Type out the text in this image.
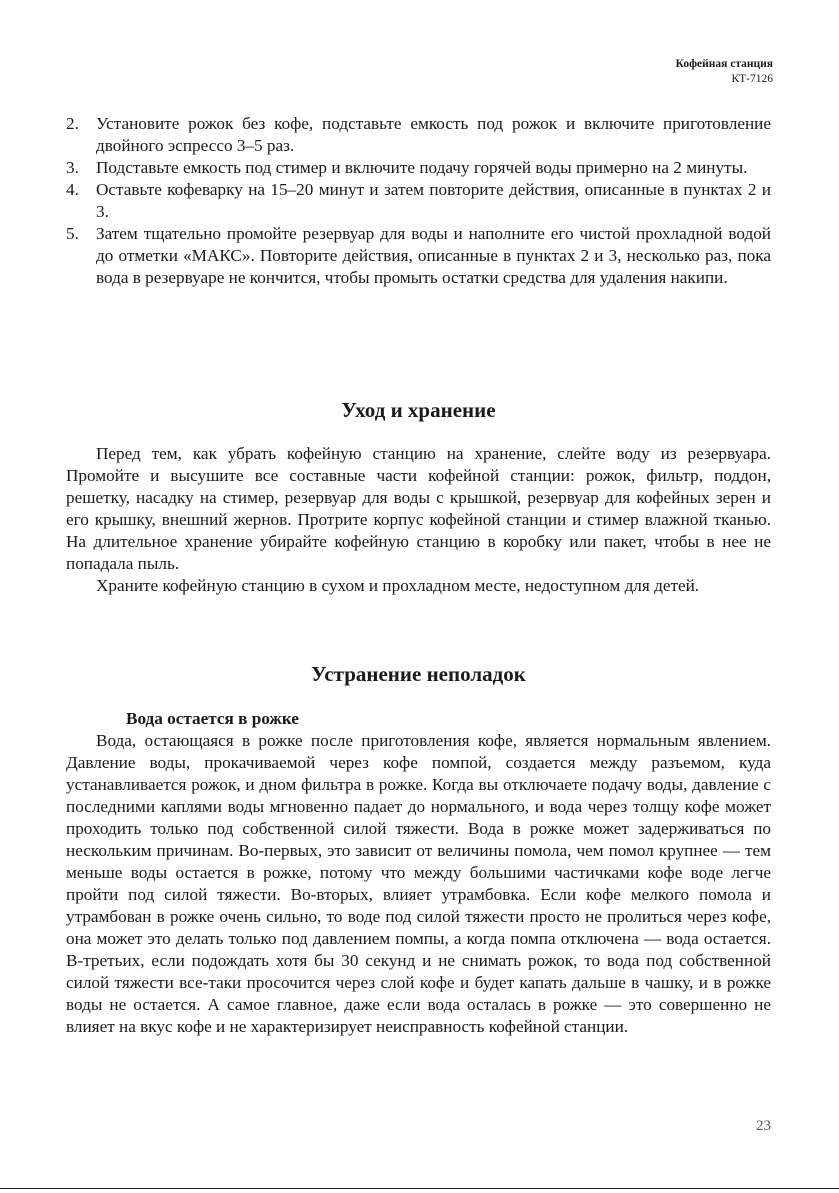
Кофейная станция
КТ-7126
2. Установите рожок без кофе, подставьте емкость под рожок и включите приготовление двойного эспрессо 3–5 раз.
3. Подставьте емкость под стимер и включите подачу горячей воды примерно на 2 минуты.
4. Оставьте кофеварку на 15–20 минут и затем повторите действия, описанные в пунктах 2 и 3.
5. Затем тщательно промойте резервуар для воды и наполните его чистой прохладной водой до отметки «МАКС». Повторите действия, описанные в пунктах 2 и 3, несколько раз, пока вода в резервуаре не кончится, чтобы промыть остатки средства для удаления накипи.
Уход и хранение

Перед тем, как убрать кофейную станцию на хранение, слейте воду из резервуара. Промойте и высушите все составные части кофейной станции: рожок, фильтр, поддон, решетку, насадку на стимер, резервуар для воды с крышкой, резервуар для кофейных зерен и его крышку, внешний жернов. Протрите корпус кофейной станции и стимер влажной тканью. На длительное хранение убирайте кофейную станцию в коробку или пакет, чтобы в нее не попадала пыль.

Храните кофейную станцию в сухом и прохладном месте, недоступном для детей.

Устранение неполадок

Вода остается в рожке

Вода, остающаяся в рожке после приготовления кофе, является нормальным явлением. Давление воды, прокачиваемой через кофе помпой, создается между разъемом, куда устанавливается рожок, и дном фильтра в рожке. Когда вы отключаете подачу воды, давление с последними каплями воды мгновенно падает до нормального, и вода через толщу кофе может проходить только под собственной силой тяжести. Вода в рожке может задерживаться по нескольким причинам. Во-первых, это зависит от величины помола, чем помол крупнее — тем меньше воды остается в рожке, потому что между большими частичками кофе воде легче пройти под силой тяжести. Во-вторых, влияет утрамбовка. Если кофе мелкого помола и утрамбован в рожке очень сильно, то воде под силой тяжести просто не пролиться через кофе, она может это делать только под давлением помпы, а когда помпа отключена — вода остается. В-третьих, если подождать хотя бы 30 секунд и не снимать рожок, то вода под собственной силой тяжести все-таки просочится через слой кофе и будет капать дальше в чашку, и в рожке воды не остается. А самое главное, даже если вода осталась в рожке — это совершенно не влияет на вкус кофе и не характеризирует неисправность кофейной станции.

23
